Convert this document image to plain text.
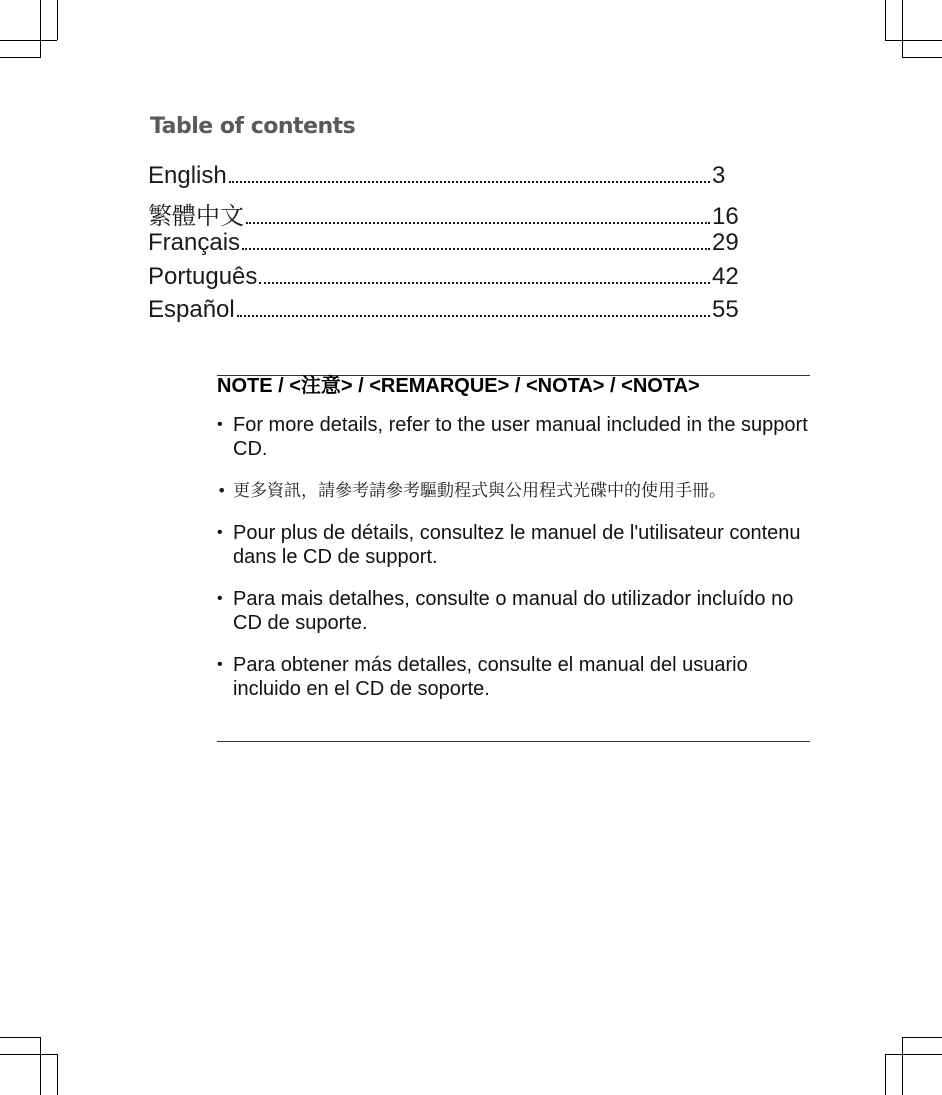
Table of contents
English	3
繁體中文	16
Français	29
Português	42
Español	55
NOTE / <注意> / <REMARQUE> / <NOTA> / <NOTA>
• For more details, refer to the user manual included in the support CD.
• 更多資訊，請參考請參考驅動程式與公用程式光碟中的使用手冊。
• Pour plus de détails, consultez le manuel de l'utilisateur contenu dans le CD de support.
• Para mais detalhes, consulte o manual do utilizador incluído no CD de suporte.
• Para obtener más detalles, consulte el manual del usuario incluido en el CD de soporte.
